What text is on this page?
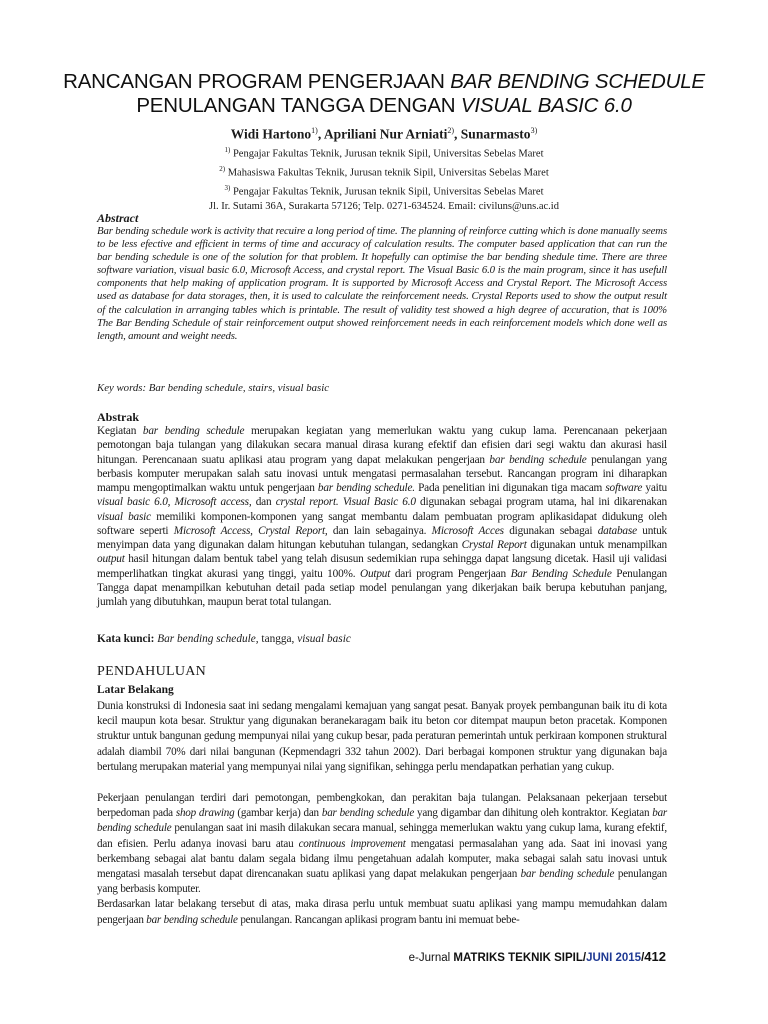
RANCANGAN PROGRAM PENGERJAAN BAR BENDING SCHEDULE
PENULANGAN TANGGA DENGAN VISUAL BASIC 6.0
Widi Hartono$^{1)}$, Apriliani Nur Arniati$^{2)}$, Sunarmasto$^{3)}$
$^{1)}$ Pengajar Fakultas Teknik, Jurusan teknik Sipil, Universitas Sebelas Maret
$^{2)}$ Mahasiswa Fakultas Teknik, Jurusan teknik Sipil, Universitas Sebelas Maret
$^{3)}$ Pengajar Fakultas Teknik, Jurusan teknik Sipil, Universitas Sebelas Maret
Jl. Ir. Sutami 36A, Surakarta 57126; Telp. 0271-634524. Email: civiluns@uns.ac.id
Abstract
Bar bending schedule work is activity that recuire a long period of time. The planning of reinforce cutting which is done manually seems to be less efective and efficient in terms of time and accuracy of calculation results. The computer based application that can run the bar bending schedule is one of the solution for that problem. It hopefully can optimise the bar bending shedule time. There are three software variation, visual basic 6.0, Microsoft Access, and crystal report. The Visual Basic 6.0 is the main program, since it has usefull components that help making of application program. It is supported by Microsoft Access and Crystal Report. The Microsoft Access used as database for data storages, then, it is used to calculate the reinforcement needs. Crystal Reports used to show the output result of the calculation in arranging tables which is printable. The result of validity test showed a high degree of accuration, that is 100% The Bar Bending Schedule of stair reinforcement output showed reinforcement needs in each reinforcement models which done well as length, amount and weight needs.
Key words: Bar bending schedule, stairs, visual basic
Abstrak
Kegiatan bar bending schedule merupakan kegiatan yang memerlukan waktu yang cukup lama. Perencanaan pekerjaan pemotongan baja tulangan yang dilakukan secara manual dirasa kurang efektif dan efisien dari segi waktu dan akurasi hasil hitungan. Perencanaan suatu aplikasi atau program yang dapat melakukan pengerjaan bar bending schedule penulangan yang berbasis komputer merupakan salah satu inovasi untuk mengatasi permasalahan tersebut. Rancangan program ini diharapkan mampu mengoptimalkan waktu untuk pengerjaan bar bending schedule. Pada penelitian ini digunakan tiga macam software yaitu visual basic 6.0, Microsoft access, dan crystal report. Visual Basic 6.0 digunakan sebagai program utama, hal ini dikarenakan visual basic memiliki komponen-komponen yang sangat membantu dalam pembuatan program aplikasidapat didukung oleh software seperti Microsoft Access, Crystal Report, dan lain sebagainya. Microsoft Acces digunakan sebagai database untuk menyimpan data yang digunakan dalam hitungan kebutuhan tulangan, sedangkan Crystal Report digunakan untuk menampilkan output hasil hitungan dalam bentuk tabel yang telah disusun sedemikian rupa sehingga dapat langsung dicetak. Hasil uji validasi memperlihatkan tingkat akurasi yang tinggi, yaitu 100%. Output dari program Pengerjaan Bar Bending Schedule Penulangan Tangga dapat menampilkan kebutuhan detail pada setiap model penulangan yang dikerjakan baik berupa kebutuhan panjang, jumlah yang dibutuhkan, maupun berat total tulangan.
Kata kunci: Bar bending schedule, tangga, visual basic
PENDAHULUAN
Latar Belakang
Dunia konstruksi di Indonesia saat ini sedang mengalami kemajuan yang sangat pesat. Banyak proyek pembangunan baik itu di kota kecil maupun kota besar. Struktur yang digunakan beranekaragam baik itu beton cor ditempat maupun beton pracetak. Komponen struktur untuk bangunan gedung mempunyai nilai yang cukup besar, pada peraturan pemerintah untuk perkiraan komponen struktural adalah diambil 70% dari nilai bangunan (Kepmendagri 332 tahun 2002). Dari berbagai komponen struktur yang digunakan baja bertulang merupakan material yang mempunyai nilai yang signifikan, sehingga perlu mendapatkan perhatian yang cukup.
Pekerjaan penulangan terdiri dari pemotongan, pembengkokan, dan perakitan baja tulangan. Pelaksanaan pekerjaan tersebut berpedoman pada shop drawing (gambar kerja) dan bar bending schedule yang digambar dan dihitung oleh kontraktor. Kegiatan bar bending schedule penulangan saat ini masih dilakukan secara manual, sehingga memerlukan waktu yang cukup lama, kurang efektif, dan efisien. Perlu adanya inovasi baru atau continuous improvement mengatasi permasalahan yang ada. Saat ini inovasi yang berkembang sebagai alat bantu dalam segala bidang ilmu pengetahuan adalah komputer, maka sebagai salah satu inovasi untuk mengatasi masalah tersebut dapat direncanakan suatu aplikasi yang dapat melakukan pengerjaan bar bending schedule penulangan yang berbasis komputer.
Berdasarkan latar belakang tersebut di atas, maka dirasa perlu untuk membuat suatu aplikasi yang mampu memudahkan dalam pengerjaan bar bending schedule penulangan. Rancangan aplikasi program bantu ini memuat bebe-
e-Jurnal MATRIKS TEKNIK SIPIL/JUNI 2015/412
